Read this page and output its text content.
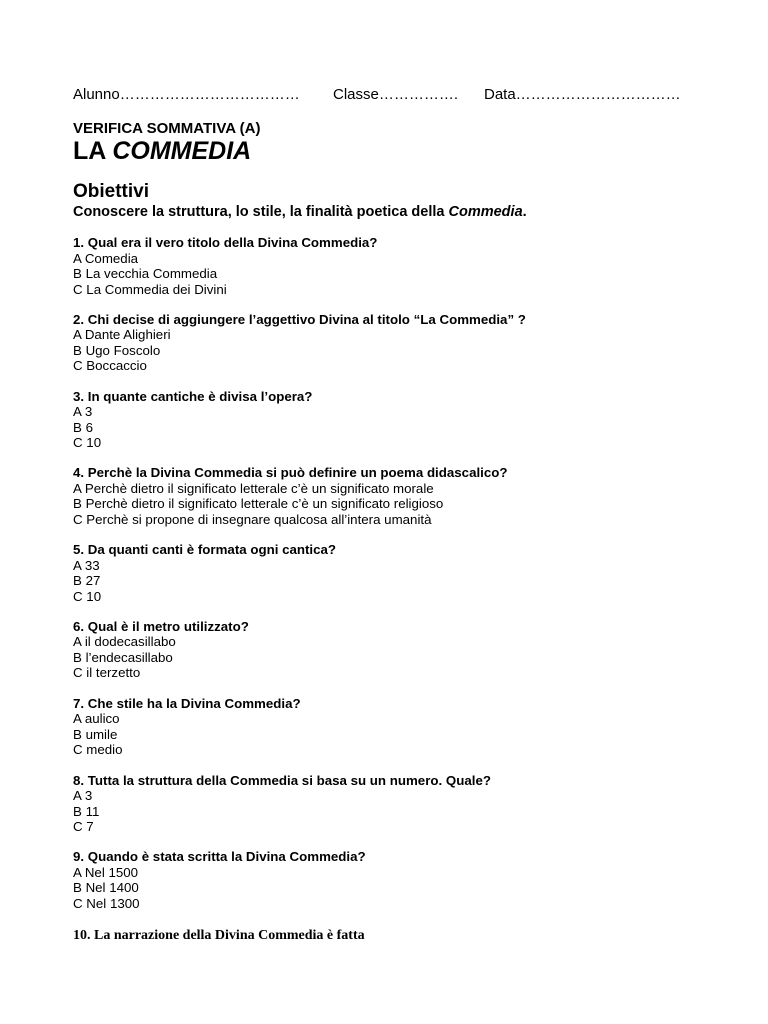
Alunno……………………………… Classe……………. Data……………………………
VERIFICA SOMMATIVA (A)
LA COMMEDIA
Obiettivi
Conoscere la struttura, lo stile, la finalità poetica della Commedia.
1. Qual era il vero titolo della Divina Commedia?
A Comedia
B La vecchia Commedia
C La Commedia dei Divini
2. Chi decise di aggiungere l’aggettivo Divina al titolo “La Commedia” ?
A Dante Alighieri
B Ugo Foscolo
C Boccaccio
3. In quante cantiche è divisa l’opera?
A 3
B 6
C 10
4. Perchè la Divina Commedia si può definire un poema didascalico?
A Perchè dietro il significato letterale c’è un significato morale
B Perchè dietro il significato letterale c’è un significato religioso
C Perchè si propone di insegnare qualcosa all’intera umanità
5. Da quanti canti è formata ogni cantica?
A 33
B 27
C 10
6. Qual è il metro utilizzato?
A il dodecasillabo
B l’endecasillabo
C il terzetto
7. Che stile ha la Divina Commedia?
A aulico
B umile
C medio
8. Tutta la struttura della Commedia si basa su un numero. Quale?
A 3
B 11
C 7
9. Quando è stata scritta la Divina Commedia?
A Nel 1500
B Nel 1400
C Nel 1300
10. La narrazione della Divina Commedia è fatta
